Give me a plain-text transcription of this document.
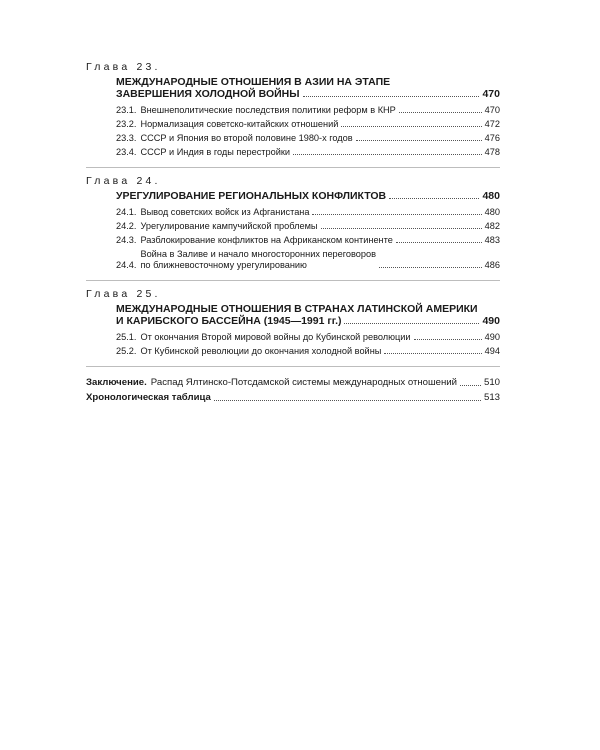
Глава 23.
МЕЖДУНАРОДНЫЕ ОТНОШЕНИЯ В АЗИИ НА ЭТАПЕ
ЗАВЕРШЕНИЯ ХОЛОДНОЙ ВОЙНЫ	470
23.1. Внешнеполитические последствия политики реформ в КНР	470
23.2. Нормализация советско-китайских отношений	472
23.3. СССР и Япония во второй половине 1980-х годов	476
23.4. СССР и Индия в годы перестройки	478
Глава 24.
УРЕГУЛИРОВАНИЕ РЕГИОНАЛЬНЫХ КОНФЛИКТОВ	480
24.1. Вывод советских войск из Афганистана	480
24.2. Урегулирование кампучийской проблемы	482
24.3. Разблокирование конфликтов на Африканском континенте	483
24.4.
Война в Заливе и начало многосторонних переговоров
по ближневосточному урегулированию	486
Глава 25.
МЕЖДУНАРОДНЫЕ ОТНОШЕНИЯ В СТРАНАХ ЛАТИНСКОЙ АМЕРИКИ
И КАРИБСКОГО БАССЕЙНА (1945—1991 гг.)	490
25.1. От окончания Второй мировой войны до Кубинской революции	490
25.2. От Кубинской революции до окончания холодной войны	494
Заключение. Распад Ялтинско-Потсдамской системы международных отношений	510
Хронологическая таблица	513
